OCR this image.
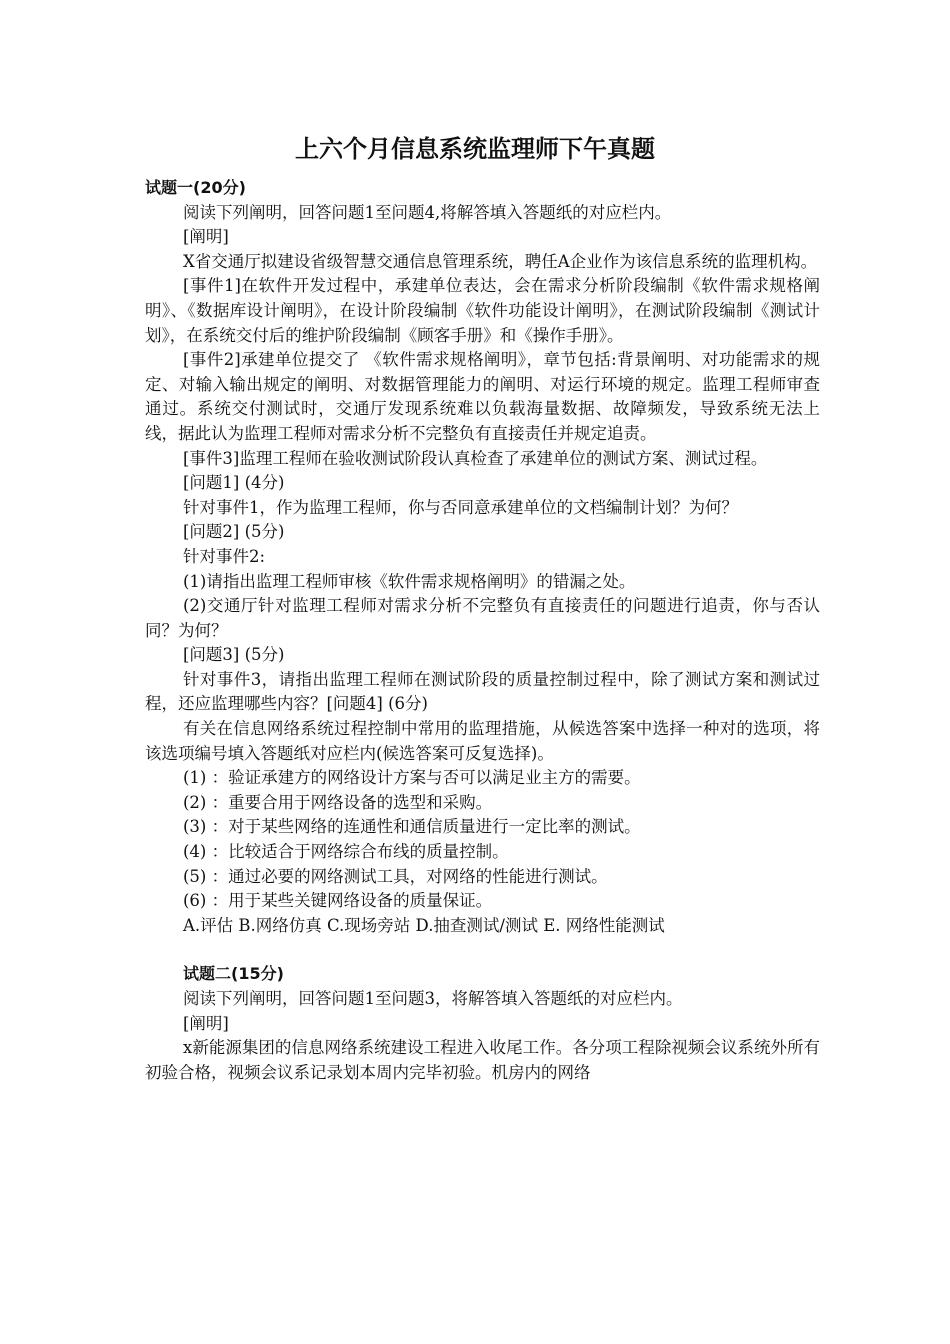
上六个月信息系统监理师下午真题

试题一(20分)

阅读下列阐明，回答问题1至问题4,将解答填入答题纸的对应栏内。

[阐明]

X省交通厅拟建设省级智慧交通信息管理系统，聘任A企业作为该信息系统的监理机构。

[事件1]在软件开发过程中，承建单位表达，会在需求分析阶段编制《软件需求规格阐明》、《数据库设计阐明》，在设计阶段编制《软件功能设计阐明》，在测试阶段编制《测试计划》，在系统交付后的维护阶段编制《顾客手册》和《操作手册》。

[事件2]承建单位提交了 《软件需求规格阐明》，章节包括:背景阐明、对功能需求的规定、对输入输出规定的阐明、对数据管理能力的阐明、对运行环境的规定。监理工程师审查通过。系统交付测试时，交通厅发现系统难以负载海量数据、故障频发，导致系统无法上线，据此认为监理工程师对需求分析不完整负有直接责任并规定追责。

[事件3]监理工程师在验收测试阶段认真检查了承建单位的测试方案、测试过程。

[问题1] (4分)

针对事件1，作为监理工程师，你与否同意承建单位的文档编制计划？为何？

[问题2] (5分)

针对事件2:

(1)请指出监理工程师审核《软件需求规格阐明》的错漏之处。

(2)交通厅针对监理工程师对需求分析不完整负有直接责任的问题进行追责，你与否认同？为何？

[问题3] (5分)

针对事件3，请指出监理工程师在测试阶段的质量控制过程中，除了测试方案和测试过程，还应监理哪些内容？[问题4] (6分)

有关在信息网络系统过程控制中常用的监理措施，从候选答案中选择一种对的选项，将该选项编号填入答题纸对应栏内(候选答案可反复选择)。

(1) ：验证承建方的网络设计方案与否可以满足业主方的需要。

(2) ：重要合用于网络设备的选型和采购。

(3) ：对于某些网络的连通性和通信质量进行一定比率的测试。

(4) ：比较适合于网络综合布线的质量控制。

(5) ：通过必要的网络测试工具，对网络的性能进行测试。

(6) ：用于某些关键网络设备的质量保证。

A.评估 B.网络仿真 C.现场旁站 D.抽查测试/测试 E. 网络性能测试

试题二(15分)

阅读下列阐明，回答问题1至问题3，将解答填入答题纸的对应栏内。

[阐明]

x新能源集团的信息网络系统建设工程进入收尾工作。各分项工程除视频会议系统外所有初验合格，视频会议系记录划本周内完毕初验。机房内的网络
